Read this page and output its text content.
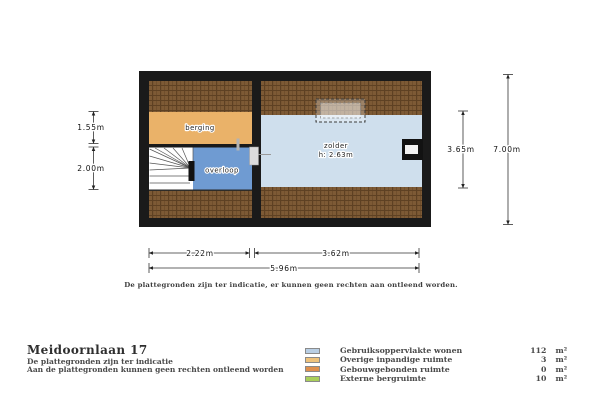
berging
overloop
zolder
h: 2.63m
1.55m
2.00m
3.65m 7.00m
2.22m	3.62m
5.96m
De plattegronden zijn ter indicatie, er kunnen geen rechten aan ontleend worden.
Meidoornlaan 17
De plattegronden zijn ter indicatie
Aan de plattegronden kunnen geen rechten ontleend worden
Gebruiksoppervlakte wonen	112	m²
Overige inpandige ruimte	3	m²
Gebouwgebonden ruimte	0	m²
Externe bergruimte	10	m²
